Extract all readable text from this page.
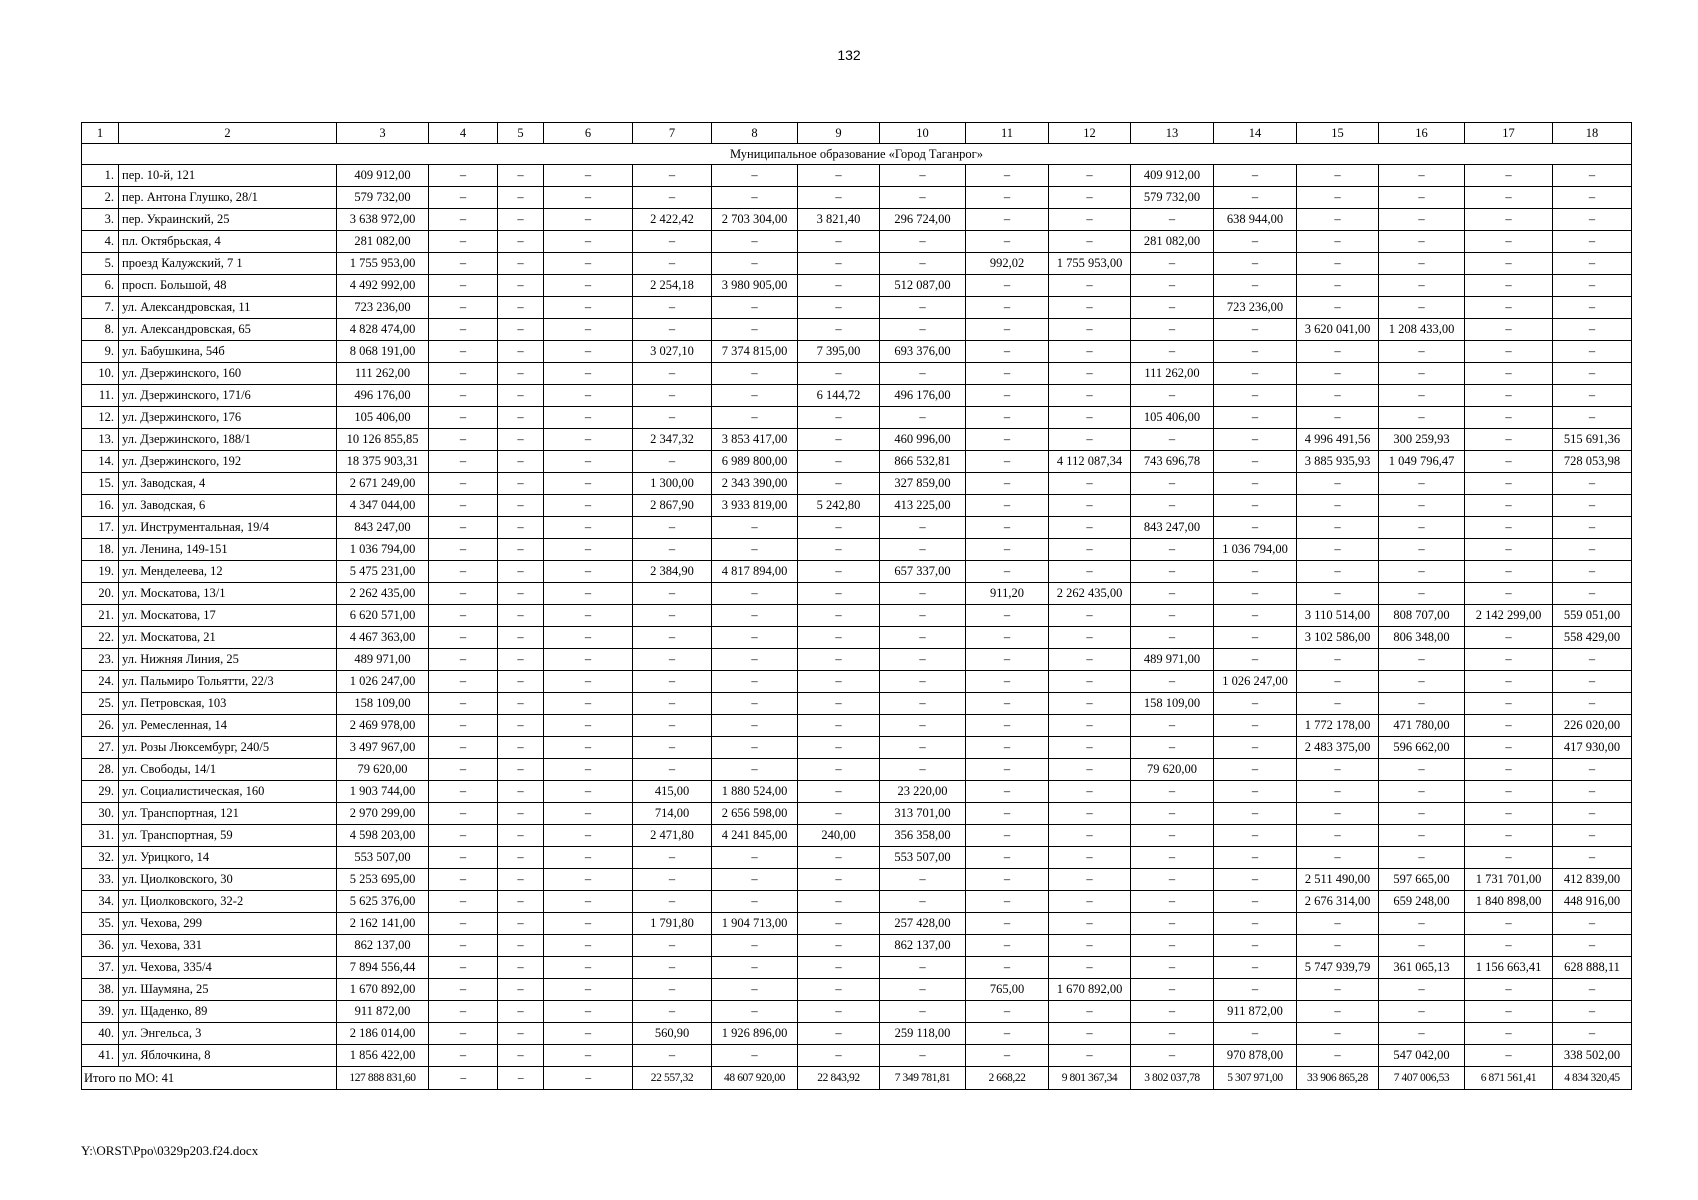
132
1	2	3	4	5	6	7	8	9	10	11	12	13	14	15	16	17	18
Муниципальное образование «Город Таганрог»																	
1.	пер. 10-й, 121	409 912,00	–	–	–	–	–	–	–	–	–	409 912,00	–	–	–	–	–
2.	пер. Антона Глушко, 28/1	579 732,00	–	–	–	–	–	–	–	–	–	579 732,00	–	–	–	–	–
3.	пер. Украинский, 25	3 638 972,00	–	–	–	2 422,42	2 703 304,00	3 821,40	296 724,00	–	–	–	638 944,00	–	–	–	–
4.	пл. Октябрьская, 4	281 082,00	–	–	–	–	–	–	–	–	–	281 082,00	–	–	–	–	–
5.	проезд Калужский, 7 1	1 755 953,00	–	–	–	–	–	–	–	992,02	1 755 953,00	–	–	–	–	–	–
6.	просп. Большой, 48	4 492 992,00	–	–	–	2 254,18	3 980 905,00	–	512 087,00	–	–	–	–	–	–	–	–
7.	ул. Александровская, 11	723 236,00	–	–	–	–	–	–	–	–	–	–	723 236,00	–	–	–	–
8.	ул. Александровская, 65	4 828 474,00	–	–	–	–	–	–	–	–	–	–	–	3 620 041,00	1 208 433,00	–	–
9.	ул. Бабушкина, 54б	8 068 191,00	–	–	–	3 027,10	7 374 815,00	7 395,00	693 376,00	–	–	–	–	–	–	–	–
10.	ул. Дзержинского, 160	111 262,00	–	–	–	–	–	–	–	–	–	111 262,00	–	–	–	–	–
11.	ул. Дзержинского, 171/6	496 176,00	–	–	–	–	–	6 144,72	496 176,00	–	–	–	–	–	–	–	–
12.	ул. Дзержинского, 176	105 406,00	–	–	–	–	–	–	–	–	–	105 406,00	–	–	–	–	–
13.	ул. Дзержинского, 188/1	10 126 855,85	–	–	–	2 347,32	3 853 417,00	–	460 996,00	–	–	–	–	4 996 491,56	300 259,93	–	515 691,36
14.	ул. Дзержинского, 192	18 375 903,31	–	–	–	–	6 989 800,00	–	866 532,81	–	4 112 087,34	743 696,78	–	3 885 935,93	1 049 796,47	–	728 053,98
15.	ул. Заводская, 4	2 671 249,00	–	–	–	1 300,00	2 343 390,00	–	327 859,00	–	–	–	–	–	–	–	–
16.	ул. Заводская, 6	4 347 044,00	–	–	–	2 867,90	3 933 819,00	5 242,80	413 225,00	–	–	–	–	–	–	–	–
17.	ул. Инструментальная, 19/4	843 247,00	–	–	–	–	–	–	–	–	–	843 247,00	–	–	–	–	–
18.	ул. Ленина, 149-151	1 036 794,00	–	–	–	–	–	–	–	–	–	–	1 036 794,00	–	–	–	–
19.	ул. Менделеева, 12	5 475 231,00	–	–	–	2 384,90	4 817 894,00	–	657 337,00	–	–	–	–	–	–	–	–
20.	ул. Москатова, 13/1	2 262 435,00	–	–	–	–	–	–	–	911,20	2 262 435,00	–	–	–	–	–	–
21.	ул. Москатова, 17	6 620 571,00	–	–	–	–	–	–	–	–	–	–	–	3 110 514,00	808 707,00	2 142 299,00	559 051,00
22.	ул. Москатова, 21	4 467 363,00	–	–	–	–	–	–	–	–	–	–	–	3 102 586,00	806 348,00	–	558 429,00
23.	ул. Нижняя Линия, 25	489 971,00	–	–	–	–	–	–	–	–	–	489 971,00	–	–	–	–	–
24.	ул. Пальмиро Тольятти, 22/3	1 026 247,00	–	–	–	–	–	–	–	–	–	–	1 026 247,00	–	–	–	–
25.	ул. Петровская, 103	158 109,00	–	–	–	–	–	–	–	–	–	158 109,00	–	–	–	–	–
26.	ул. Ремесленная, 14	2 469 978,00	–	–	–	–	–	–	–	–	–	–	–	1 772 178,00	471 780,00	–	226 020,00
27.	ул. Розы Люксембург, 240/5	3 497 967,00	–	–	–	–	–	–	–	–	–	–	–	2 483 375,00	596 662,00	–	417 930,00
28.	ул. Свободы, 14/1	79 620,00	–	–	–	–	–	–	–	–	–	79 620,00	–	–	–	–	–
29.	ул. Социалистическая, 160	1 903 744,00	–	–	–	415,00	1 880 524,00	–	23 220,00	–	–	–	–	–	–	–	–
30.	ул. Транспортная, 121	2 970 299,00	–	–	–	714,00	2 656 598,00	–	313 701,00	–	–	–	–	–	–	–	–
31.	ул. Транспортная, 59	4 598 203,00	–	–	–	2 471,80	4 241 845,00	240,00	356 358,00	–	–	–	–	–	–	–	–
32.	ул. Урицкого, 14	553 507,00	–	–	–	–	–	–	553 507,00	–	–	–	–	–	–	–	–
33.	ул. Циолковского, 30	5 253 695,00	–	–	–	–	–	–	–	–	–	–	–	2 511 490,00	597 665,00	1 731 701,00	412 839,00
34.	ул. Циолковского, 32-2	5 625 376,00	–	–	–	–	–	–	–	–	–	–	–	2 676 314,00	659 248,00	1 840 898,00	448 916,00
35.	ул. Чехова, 299	2 162 141,00	–	–	–	1 791,80	1 904 713,00	–	257 428,00	–	–	–	–	–	–	–	–
36.	ул. Чехова, 331	862 137,00	–	–	–	–	–	–	862 137,00	–	–	–	–	–	–	–	–
37.	ул. Чехова, 335/4	7 894 556,44	–	–	–	–	–	–	–	–	–	–	–	5 747 939,79	361 065,13	1 156 663,41	628 888,11
38.	ул. Шаумяна, 25	1 670 892,00	–	–	–	–	–	–	–	765,00	1 670 892,00	–	–	–	–	–	–
39.	ул. Щаденко, 89	911 872,00	–	–	–	–	–	–	–	–	–	–	911 872,00	–	–	–	–
40.	ул. Энгельса, 3	2 186 014,00	–	–	–	560,90	1 926 896,00	–	259 118,00	–	–	–	–	–	–	–	–
41.	ул. Яблочкина, 8	1 856 422,00	–	–	–	–	–	–	–	–	–	–	970 878,00	–	547 042,00	–	338 502,00
Итого по МО: 41		127 888 831,60	–	–	–	22 557,32	48 607 920,00	22 843,92	7 349 781,81	2 668,22	9 801 367,34	3 802 037,78	5 307 971,00	33 906 865,28	7 407 006,53	6 871 561,41	4 834 320,45
Y:\ORST\Ppo\0329p203.f24.docx
